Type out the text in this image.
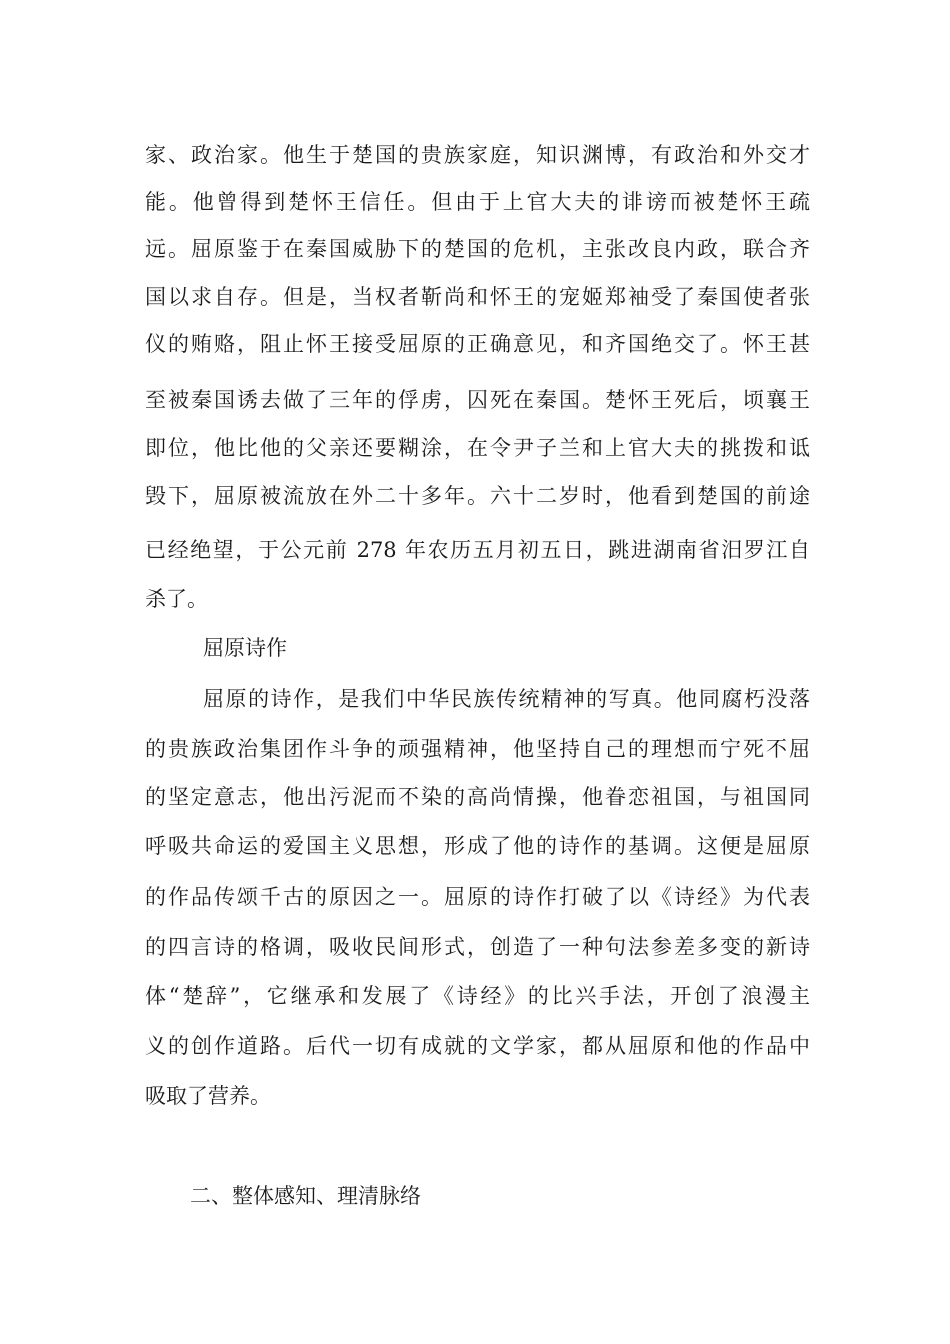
家、政治家。他生于楚国的贵族家庭，知识渊博，有政治和外交才
能。他曾得到楚怀王信任。但由于上官大夫的诽谤而被楚怀王疏
远。屈原鉴于在秦国威胁下的楚国的危机，主张改良内政，联合齐
国以求自存。但是，当权者靳尚和怀王的宠姬郑袖受了秦国使者张
仪的贿赂，阻止怀王接受屈原的正确意见，和齐国绝交了。怀王甚
至被秦国诱去做了三年的俘虏，囚死在秦国。楚怀王死后，顷襄王
即位，他比他的父亲还要糊涂，在令尹子兰和上官大夫的挑拨和诋
毁下，屈原被流放在外二十多年。六十二岁时，他看到楚国的前途
已经绝望，于公元前 278 年农历五月初五日，跳进湖南省汨罗江自
杀了。
屈原诗作
屈原的诗作，是我们中华民族传统精神的写真。他同腐朽没落
的贵族政治集团作斗争的顽强精神，他坚持自己的理想而宁死不屈
的坚定意志，他出污泥而不染的高尚情操，他眷恋祖国，与祖国同
呼吸共命运的爱国主义思想，形成了他的诗作的基调。这便是屈原
的作品传颂千古的原因之一。屈原的诗作打破了以《诗经》为代表
的四言诗的格调，吸收民间形式，创造了一种句法参差多变的新诗
体“楚辞”，它继承和发展了《诗经》的比兴手法，开创了浪漫主
义的创作道路。后代一切有成就的文学家，都从屈原和他的作品中
吸取了营养。
二、整体感知、理清脉络
